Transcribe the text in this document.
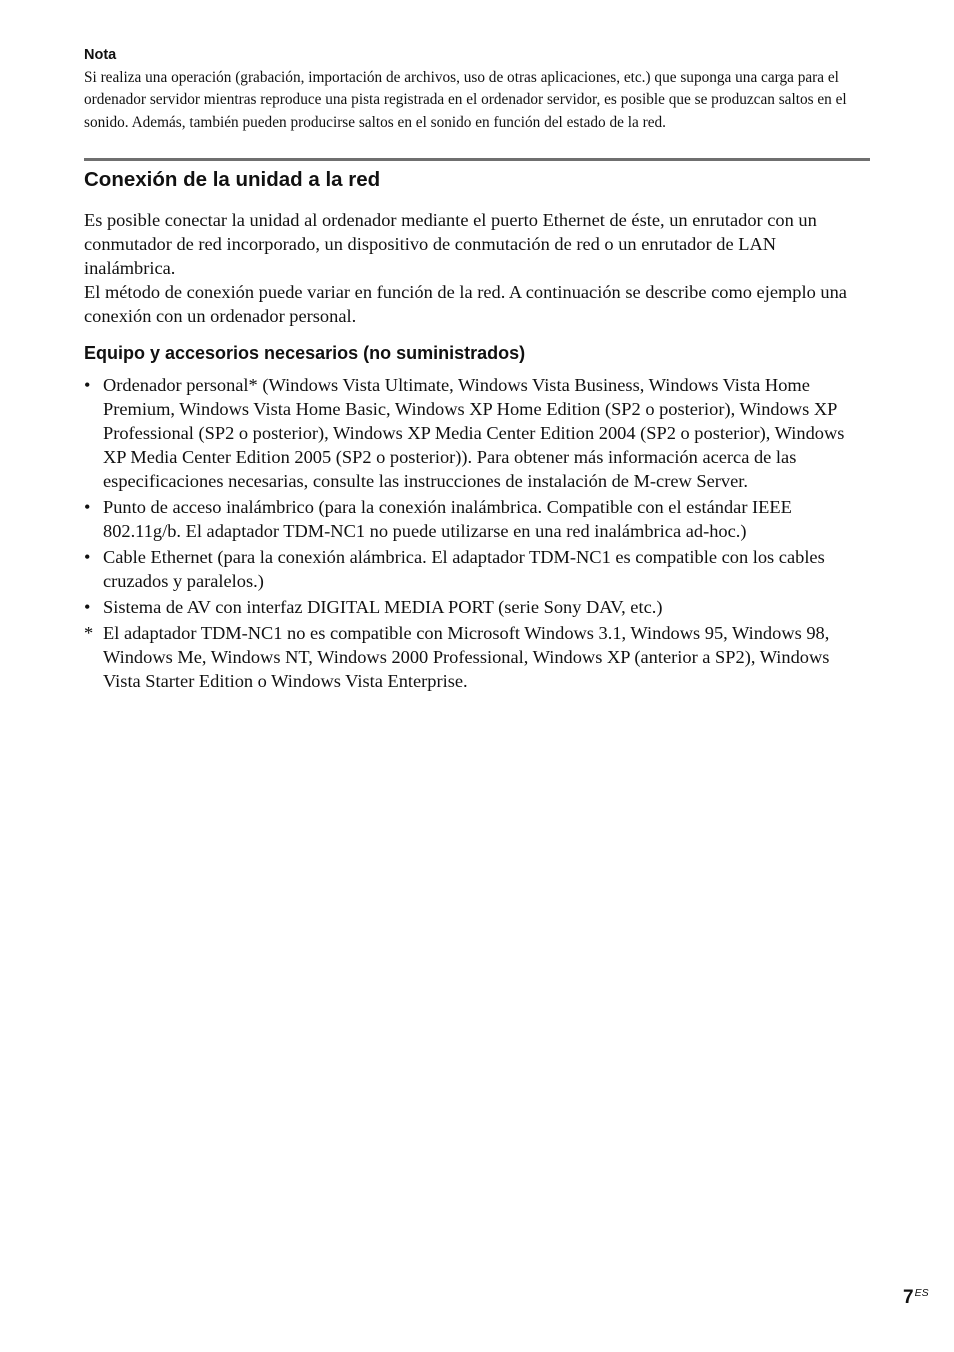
Nota
Si realiza una operación (grabación, importación de archivos, uso de otras aplicaciones, etc.) que suponga una carga para el ordenador servidor mientras reproduce una pista registrada en el ordenador servidor, es posible que se produzcan saltos en el sonido. Además, también pueden producirse saltos en el sonido en función del estado de la red.
Conexión de la unidad a la red

Es posible conectar la unidad al ordenador mediante el puerto Ethernet de éste, un enrutador con un conmutador de red incorporado, un dispositivo de conmutación de red o un enrutador de LAN inalámbrica.

El método de conexión puede variar en función de la red. A continuación se describe como ejemplo una conexión con un ordenador personal.

Equipo y accesorios necesarios (no suministrados)
• Ordenador personal* (Windows Vista Ultimate, Windows Vista Business, Windows Vista Home Premium, Windows Vista Home Basic, Windows XP Home Edition (SP2 o posterior), Windows XP Professional (SP2 o posterior), Windows XP Media Center Edition 2004 (SP2 o posterior), Windows XP Media Center Edition 2005 (SP2 o posterior)). Para obtener más información acerca de las especificaciones necesarias, consulte las instrucciones de instalación de M-crew Server.
• Punto de acceso inalámbrico (para la conexión inalámbrica. Compatible con el estándar IEEE 802.11g/b. El adaptador TDM-NC1 no puede utilizarse en una red inalámbrica ad-hoc.)
• Cable Ethernet (para la conexión alámbrica. El adaptador TDM-NC1 es compatible con los cables cruzados y paralelos.)
• Sistema de AV con interfaz DIGITAL MEDIA PORT (serie Sony DAV, etc.)
* El adaptador TDM-NC1 no es compatible con Microsoft Windows 3.1, Windows 95, Windows 98, Windows Me, Windows NT, Windows 2000 Professional, Windows XP (anterior a SP2), Windows Vista Starter Edition o Windows Vista Enterprise.
$7^{ES}$
